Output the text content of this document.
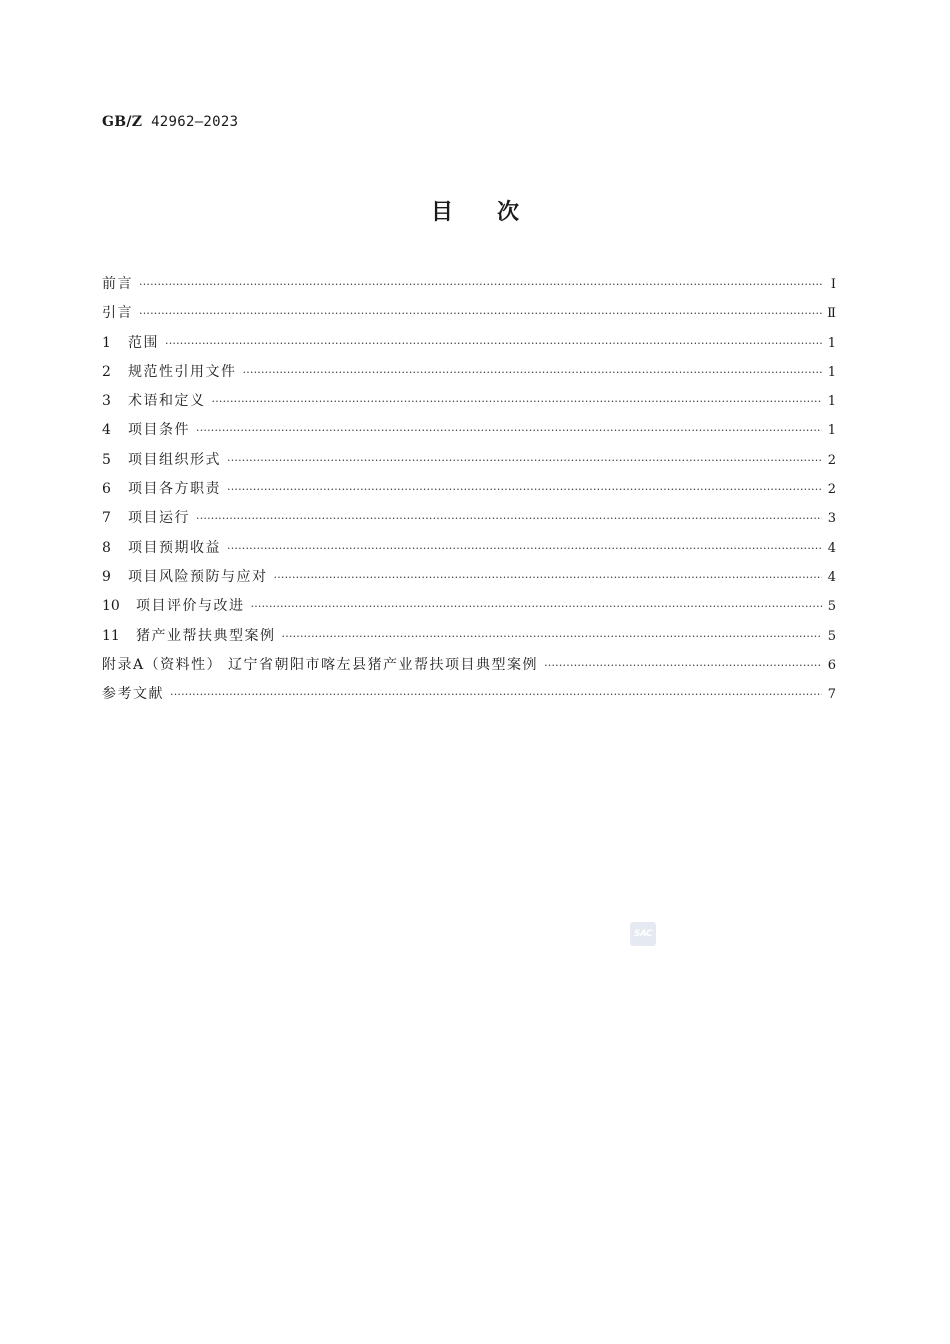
GB/Z 42962—2023
目次
前言 ·····	Ⅰ
引言 ·····	Ⅱ
1	范围 ·····	1
2	规范性引用文件 ·····	1
3	术语和定义 ·····	1
4	项目条件 ·····	1
5	项目组织形式 ·····	2
6	项目各方职责 ·····	2
7	项目运行 ·····	3
8	项目预期收益 ·····	4
9	项目风险预防与应对 ·····	4
10	项目评价与改进 ·····	5
11	猪产业帮扶典型案例 ·····	5
附录A（资料性） 辽宁省朝阳市喀左县猪产业帮扶项目典型案例 ·····	6
参考文献 ·····	7
SAC
